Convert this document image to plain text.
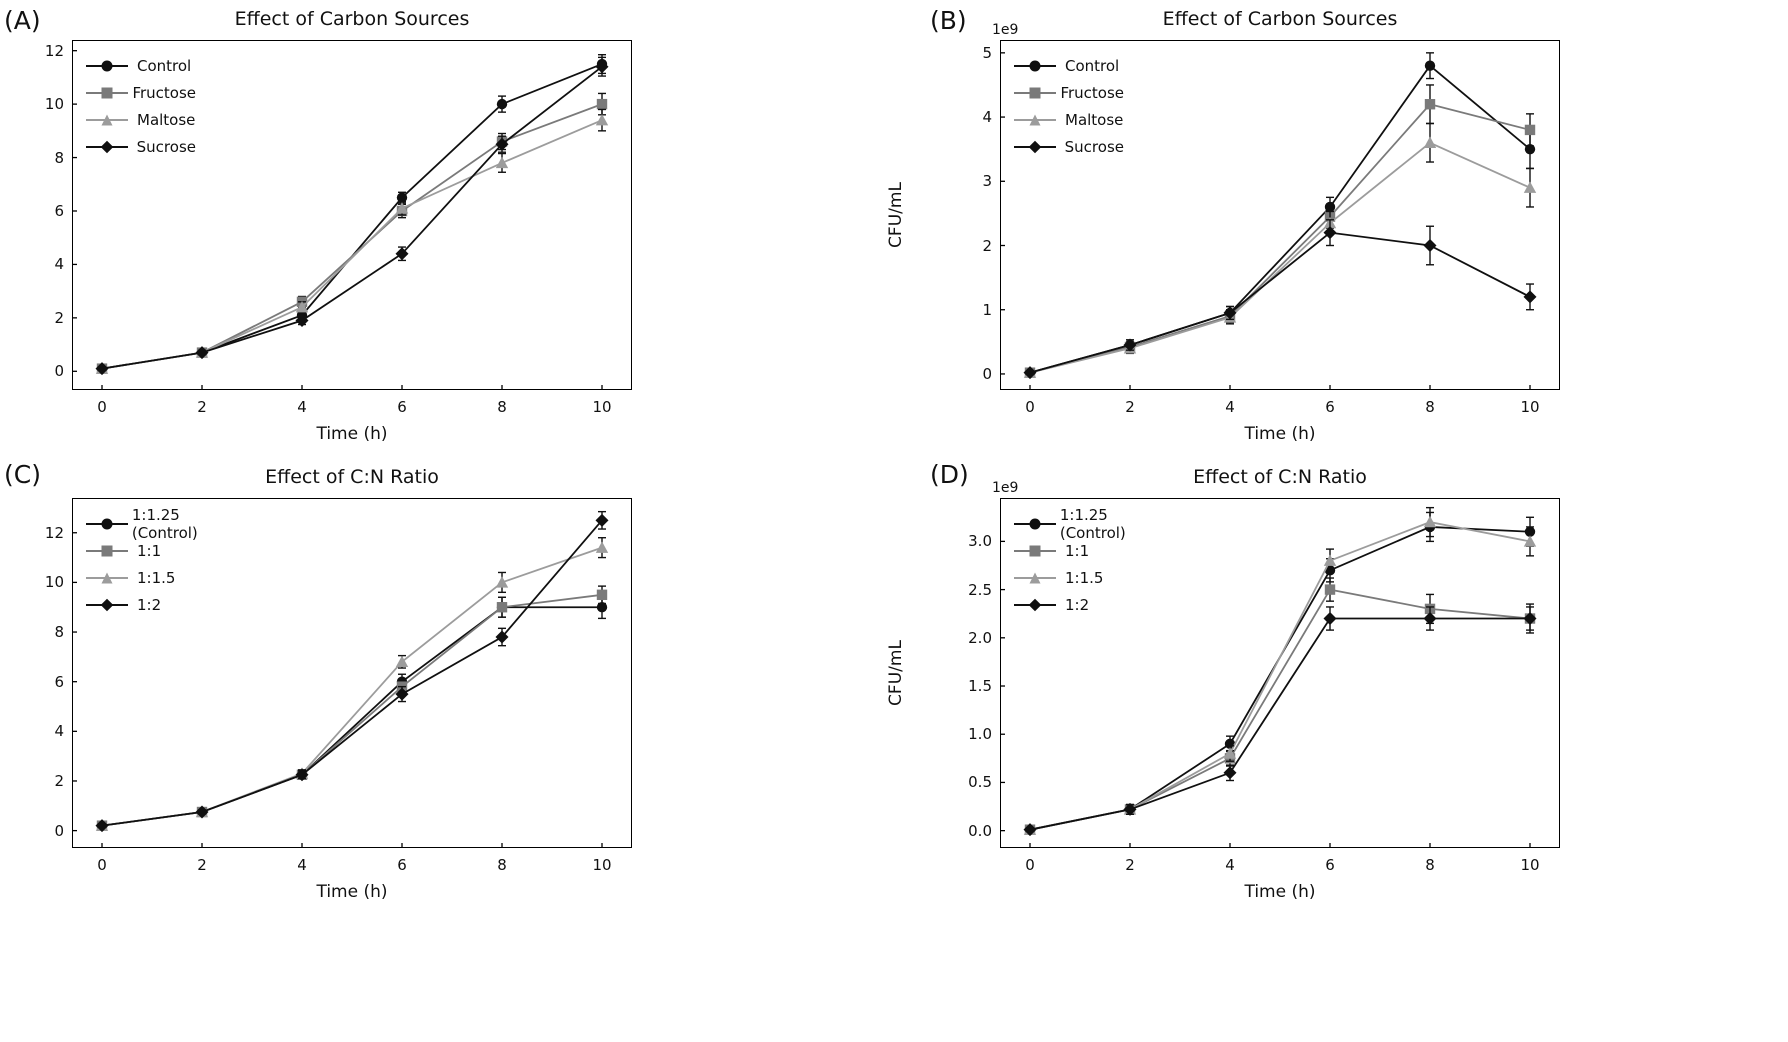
(A)	Effect of Carbon Sources
0	2	4	6	8	10
0
2
4
6
8
10
12
Time (h)
Control
Fructose
Maltose
Sucrose
(B)	Effect of Carbon Sources
1e9
0	2	4	6	8	10
0
1
2
3
4
5
Time (h)
CFU/mL
Control
Fructose
Maltose
Sucrose
(C)	Effect of C:N Ratio
0	2	4	6	8	10
0
2
4
6
8
10
12
Time (h)
1:1.25 (Control)
1:1
1:1.5
1:2
(D)	Effect of C:N Ratio
1e9
0	2	4	6	8	10
0.0
0.5
1.0
1.5
2.0
2.5
3.0
Time (h)
CFU/mL
1:1.25 (Control)
1:1
1:1.5
1:2
